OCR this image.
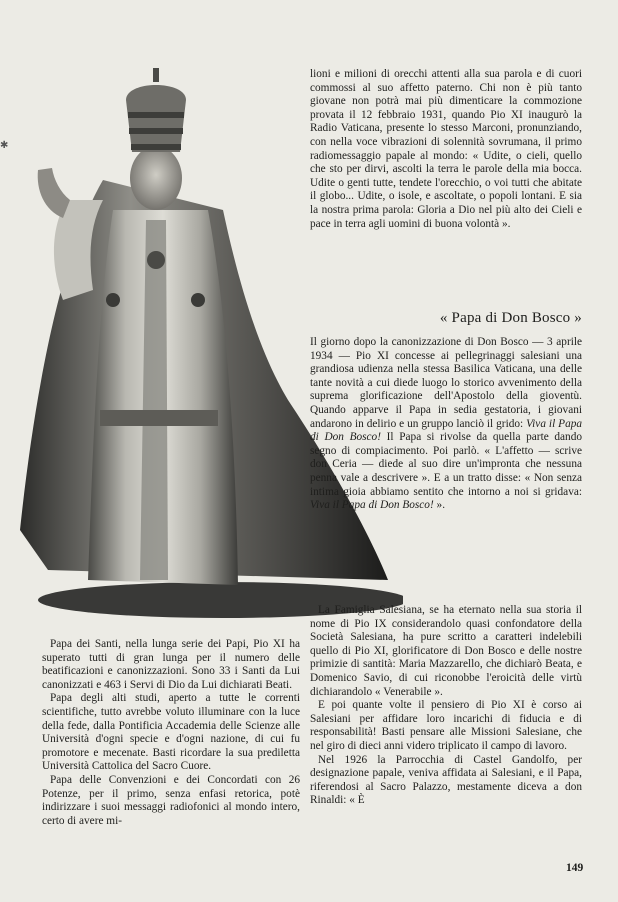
✱

lioni e milioni di orecchi attenti alla sua parola e di cuori commossi al suo affetto paterno. Chi non è più tanto giovane non potrà mai più dimenticare la commozione provata il 12 febbraio 1931, quando Pio XI inaugurò la Radio Vaticana, presente lo stesso Marconi, pronunziando, con nella voce vibrazioni di solennità sovrumana, il primo radiomessaggio papale al mondo: « Udite, o cieli, quello che sto per dirvi, ascolti la terra le parole della mia bocca. Udite o genti tutte, tendete l'orecchio, o voi tutti che abitate il globo... Udite, o isole, e ascoltate, o popoli lontani. E sia la nostra prima parola: Gloria a Dio nel più alto dei Cieli e pace in terra agli uomini di buona volontà ».

« Papa di Don Bosco »

Il giorno dopo la canonizzazione di Don Bosco — 3 aprile 1934 — Pio XI concesse ai pellegrinaggi salesiani una grandiosa udienza nella stessa Basilica Vaticana, una delle tante novità a cui diede luogo lo storico avvenimento della suprema glorificazione dell'Apostolo della gioventù. Quando apparve il Papa in sedia gestatoria, i giovani andarono in delirio e un gruppo lanciò il grido: Viva il Papa di Don Bosco! Il Papa si rivolse da quella parte dando segno di compiacimento. Poi parlò. « L'affetto — scrive don Ceria — diede al suo dire un'impronta che nessuna penna vale a descrivere ». E a un tratto disse: « Non senza intima gioia abbiamo sentito che intorno a noi si gridava: Viva il Papa di Don Bosco! ».

La Famiglia Salesiana, se ha eternato nella sua storia il nome di Pio IX considerandolo quasi confondatore della Società Salesiana, ha pure scritto a caratteri indelebili quello di Pio XI, glorificatore di Don Bosco e delle nostre primizie di santità: Maria Mazzarello, che dichiarò Beata, e Domenico Savio, di cui riconobbe l'eroicità delle virtù dichiarandolo « Venerabile ».

E poi quante volte il pensiero di Pio XI è corso ai Salesiani per affidare loro incarichi di fiducia e di responsabilità! Basti pensare alle Missioni Salesiane, che nel giro di dieci anni videro triplicato il campo di lavoro.

Nel 1926 la Parrocchia di Castel Gandolfo, per designazione papale, veniva affidata ai Salesiani, e il Papa, riferendosi al Sacro Palazzo, mestamente diceva a don Rinaldi: « È

Papa dei Santi, nella lunga serie dei Papi, Pio XI ha superato tutti di gran lunga per il numero delle beatificazioni e canonizzazioni. Sono 33 i Santi da Lui canonizzati e 463 i Servi di Dio da Lui dichiarati Beati.

Papa degli alti studi, aperto a tutte le correnti scientifiche, tutto avrebbe voluto illuminare con la luce della fede, dalla Pontificia Accademia delle Scienze alle Università d'ogni specie e d'ogni nazione, di cui fu promotore e mecenate. Basti ricordare la sua prediletta Università Cattolica del Sacro Cuore.

Papa delle Convenzioni e dei Concordati con 26 Potenze, per il primo, senza enfasi retorica, potè indirizzare i suoi messaggi radiofonici al mondo intero, certo di avere mi-

149
